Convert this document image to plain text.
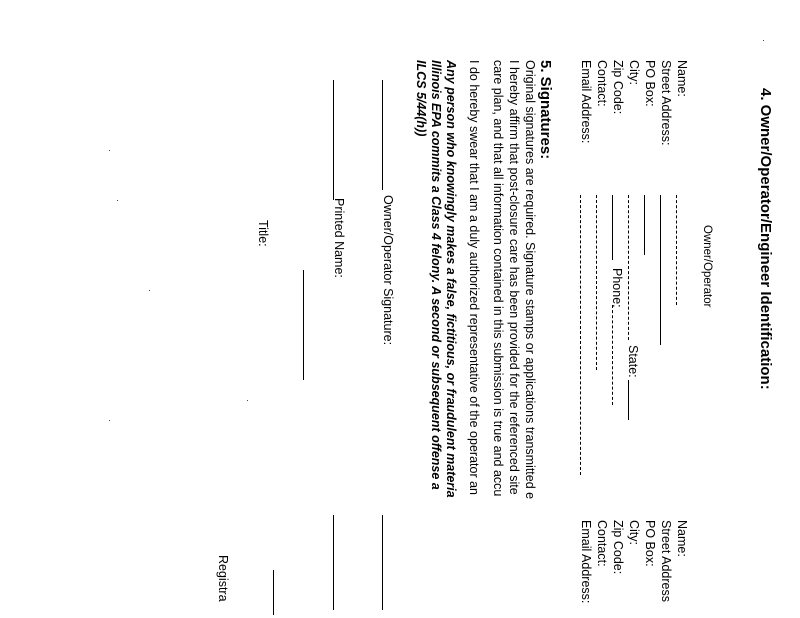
4. Owner/Operator/Engineer Identification:
Owner/Operator
Name:
Street Address:
PO Box:
City:
Zip Code:
Contact:
Email Address:
State:
Phone:
Name:
Street Address
PO Box:
City:
Zip Code:
Contact:
Email Address:
5. Signatures:
Original signatures are required. Signature stamps or applications transmitted e
I hereby affirm that post-closure care has been provided for the referenced site
care plan, and that all information contained in this submission is true and accu
I do hereby swear that I am a duly authorized representative of the operator an
Any person who knowingly makes a false, fictitious, or fraudulent materia
Illinois EPA commits a Class 4 felony. A second or subsequent offense a
ILCS 5/44(h))
Owner/Operator Signature:
Printed Name:
Title:
Registra
